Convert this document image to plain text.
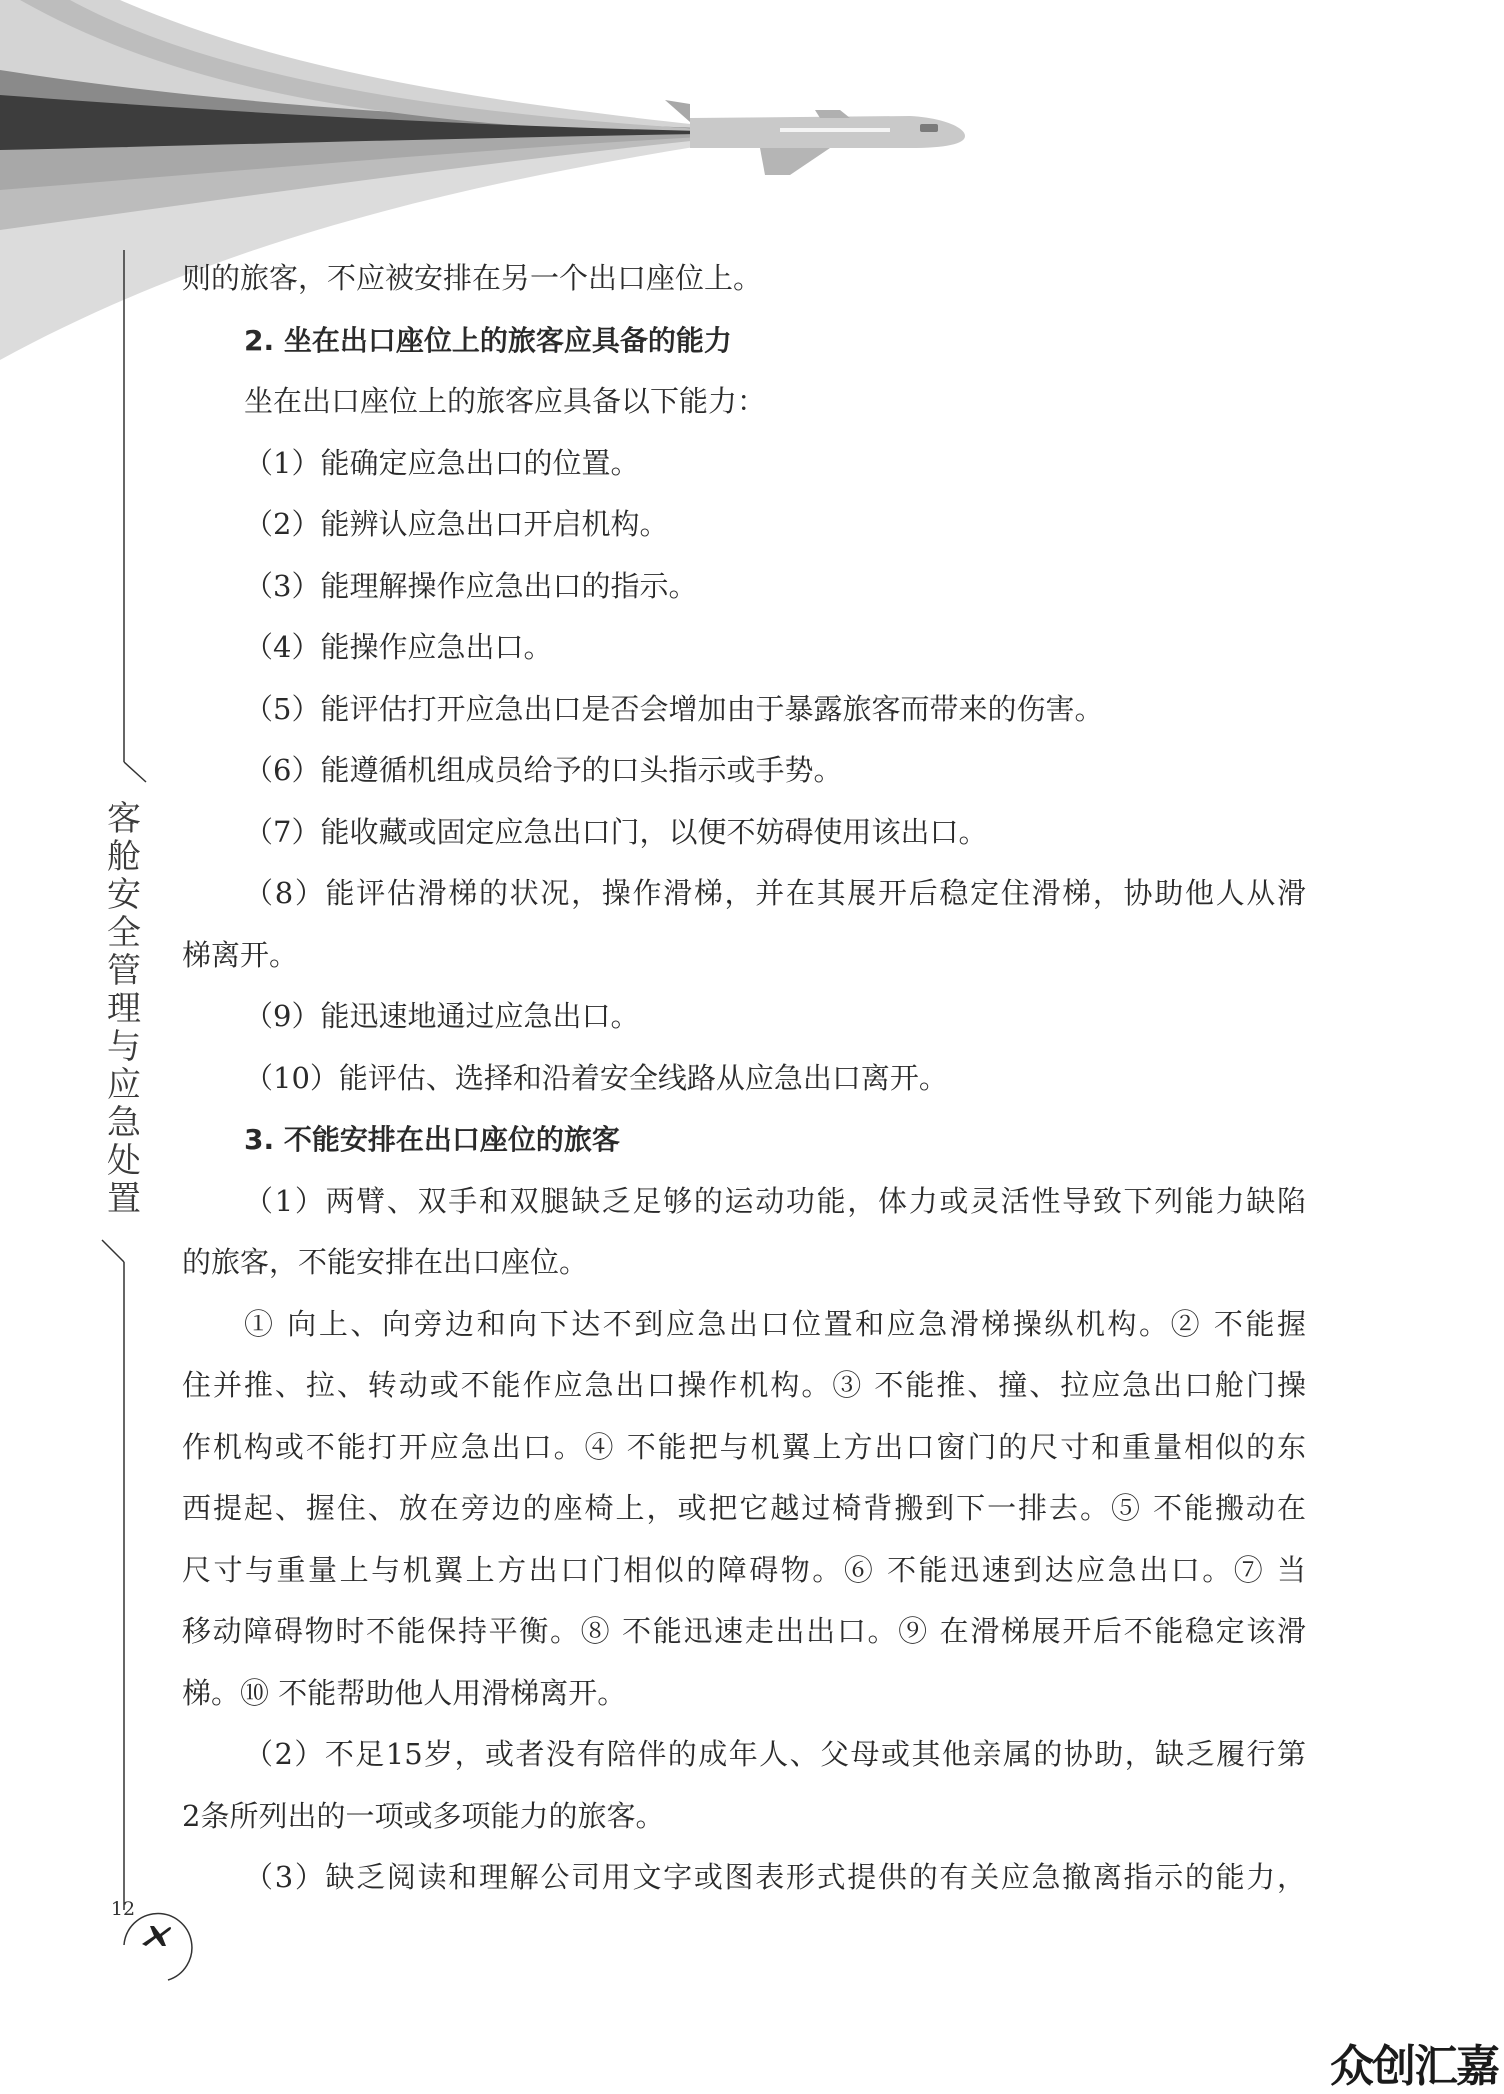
客
舱
安
全
管
理
与
应
急
处
置
12

则的旅客，不应被安排在另一个出口座位上。

2. 坐在出口座位上的旅客应具备的能力

坐在出口座位上的旅客应具备以下能力：

（1）能确定应急出口的位置。

（2）能辨认应急出口开启机构。

（3）能理解操作应急出口的指示。

（4）能操作应急出口。

（5）能评估打开应急出口是否会增加由于暴露旅客而带来的伤害。

（6）能遵循机组成员给予的口头指示或手势。

（7）能收藏或固定应急出口门，以便不妨碍使用该出口。

（8）能评估滑梯的状况，操作滑梯，并在其展开后稳定住滑梯，协助他人从滑

梯离开。

（9）能迅速地通过应急出口。

（10）能评估、选择和沿着安全线路从应急出口离开。

3. 不能安排在出口座位的旅客

（1）两臂、双手和双腿缺乏足够的运动功能，体力或灵活性导致下列能力缺陷

的旅客，不能安排在出口座位。

① 向上、向旁边和向下达不到应急出口位置和应急滑梯操纵机构。② 不能握

住并推、拉、转动或不能作应急出口操作机构。③ 不能推、撞、拉应急出口舱门操

作机构或不能打开应急出口。④ 不能把与机翼上方出口窗门的尺寸和重量相似的东

西提起、握住、放在旁边的座椅上，或把它越过椅背搬到下一排去。⑤ 不能搬动在

尺寸与重量上与机翼上方出口门相似的障碍物。⑥ 不能迅速到达应急出口。⑦ 当

移动障碍物时不能保持平衡。⑧ 不能迅速走出出口。⑨ 在滑梯展开后不能稳定该滑

梯。⑩ 不能帮助他人用滑梯离开。

（2）不足15岁，或者没有陪伴的成年人、父母或其他亲属的协助，缺乏履行第

2条所列出的一项或多项能力的旅客。

（3）缺乏阅读和理解公司用文字或图表形式提供的有关应急撤离指示的能力，

众创汇嘉
